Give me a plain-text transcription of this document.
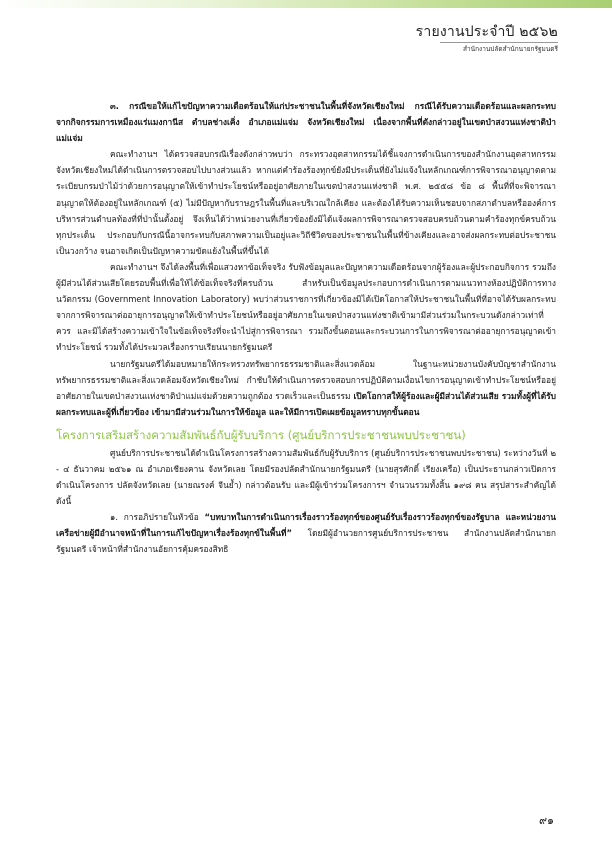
รายงานประจำปี ๒๕๖๒
สำนักงานปลัดสำนักนายกรัฐมนตรี

๓. กรณีขอให้แก้ไขปัญหาความเดือดร้อนให้แก่ประชาชนในพื้นที่จังหวัดเชียงใหม่ กรณีได้รับความเดือดร้อนและผลกระทบจากกิจกรรมการเหมืองแร่แมงกานีส ตำบลช่างเคิ่ง อำเภอแม่แจ่ม จังหวัดเชียงใหม่ เนื่องจากพื้นที่ดังกล่าวอยู่ในเขตป่าสงวนแห่งชาติป่าแม่แจ่ม

คณะทำงานฯ ได้ตรวจสอบกรณีเรื่องดังกล่าวพบว่า กระทรวงอุตสาหกรรมได้ชี้แจงการดำเนินการของสำนักงานอุตสาหกรรมจังหวัดเชียงใหม่ได้ดำเนินการตรวจสอบไปบางส่วนแล้ว หากแต่คำร้องร้องทุกข์ยังมีประเด็นที่ยังไม่แจ้งในหลักเกณฑ์การพิจารณาอนุญาตตามระเบียบกรมป่าไม้ว่าด้วยการอนุญาตให้เข้าทำประโยชน์หรืออยู่อาศัยภายในเขตป่าสงวนแห่งชาติ พ.ศ. ๒๕๕๘ ข้อ ๘ พื้นที่ที่จะพิจารณาอนุญาตให้ต้องอยู่ในหลักเกณฑ์ (๕) ไม่มีปัญหากับราษฎรในพื้นที่และบริเวณใกล้เคียง และต้องได้รับความเห็นชอบจากสภาตำบลหรือองค์การบริหารส่วนตำบลท้องที่ที่ป่านั้นตั้งอยู่ จึงเห็นได้ว่าหน่วยงานที่เกี่ยวข้องยังมิได้แจ้งผลการพิจารณาตรวจสอบครบถ้วนตามคำร้องทุกข์ครบถ้วน ทุกประเด็น ประกอบกับกรณีนี้อาจกระทบกับสภาพความเป็นอยู่และวิถีชีวิตของประชาชนในพื้นที่ข้างเคียงและอาจส่งผลกระทบต่อประชาชนเป็นวงกว้าง จนอาจเกิดเป็นปัญหาความขัดแย้งในพื้นที่ขึ้นได้

คณะทำงานฯ จึงได้ลงพื้นที่เพื่อแสวงหาข้อเท็จจริง รับฟังข้อมูลและปัญหาความเดือดร้อนจากผู้ร้องและผู้ประกอบกิจการ รวมถึงผู้มีส่วนได้ส่วนเสียโดยรอบพื้นที่เพื่อให้ได้ข้อเท็จจริงที่ครบถ้วน สำหรับเป็นข้อมูลประกอบการดำเนินการตามแนวทางห้องปฏิบัติการทางนวัตกรรม (Government Innovation Laboratory) พบว่าส่วนราชการที่เกี่ยวข้องมิได้เปิดโอกาสให้ประชาชนในพื้นที่ที่อาจได้รับผลกระทบจากการพิจารณาต่ออายุการอนุญาตให้เข้าทำประโยชน์หรืออยู่อาศัยภายในเขตป่าสงวนแห่งชาติเข้ามามีส่วนร่วมในกระบวนดังกล่าวเท่าที่ควร และมิได้สร้างความเข้าใจในข้อเท็จจริงที่จะนำไปสู่การพิจารณา รวมถึงขั้นตอนและกระบวนการในการพิจารณาต่ออายุการอนุญาตเข้าทำประโยชน์ รวมทั้งได้ประมวลเรื่องกราบเรียนนายกรัฐมนตรี

นายกรัฐมนตรีได้มอบหมายให้กระทรวงทรัพยากรธรรมชาติและสิ่งแวดล้อม ในฐานะหน่วยงานบังคับบัญชาสำนักงานทรัพยากรธรรมชาติและสิ่งแวดล้อมจังหวัดเชียงใหม่ กำชับให้ดำเนินการตรวจสอบการปฏิบัติตามเงื่อนไขการอนุญาตเข้าทำประโยชน์หรืออยู่อาศัยภายในเขตป่าสงวนแห่งชาติป่าแม่แจ่มด้วยความถูกต้อง รวดเร็วและเป็นธรรม เปิดโอกาสให้ผู้ร้องและผู้มีส่วนได้ส่วนเสีย รวมทั้งผู้ที่ได้รับผลกระทบและผู้ที่เกี่ยวข้อง เข้ามามีส่วนร่วมในการให้ข้อมูล และให้มีการเปิดเผยข้อมูลทราบทุกขั้นตอน

โครงการเสริมสร้างความสัมพันธ์กับผู้รับบริการ (ศูนย์บริการประชาชนพบประชาชน)

ศูนย์บริการประชาชนได้ดำเนินโครงการสร้างความสัมพันธ์กับผู้รับบริการ (ศูนย์บริการประชาชนพบประชาชน) ระหว่างวันที่ ๒ - ๔ ธันวาคม ๒๕๖๑ ณ อำเภอเชียงคาน จังหวัดเลย โดยมีรองปลัดสำนักนายกรัฐมนตรี (นายสุรศักดิ์ เรียงเครือ) เป็นประธานกล่าวเปิดการดำเนินโครงการ ปลัดจังหวัดเลย (นายณรงค์ จีนย้ำ) กล่าวต้อนรับ และมีผู้เข้าร่วมโครงการฯ จำนวนรวมทั้งสิ้น ๑๙๘ คน สรุปสาระสำคัญได้ ดังนี้

๑. การอภิปรายในหัวข้อ “บทบาทในการดำเนินการเรื่องราวร้องทุกข์ของศูนย์รับเรื่องราวร้องทุกข์ของรัฐบาล และหน่วยงานเครือข่ายผู้มีอำนาจหน้าที่ในการแก้ไขปัญหาเรื่องร้องทุกข์ในพื้นที่” โดยมีผู้อำนวยการศูนย์บริการประชาชน สำนักงานปลัดสำนักนายกรัฐมนตรี เจ้าหน้าที่สำนักงานอัยการคุ้มครองสิทธิ

๙๑
